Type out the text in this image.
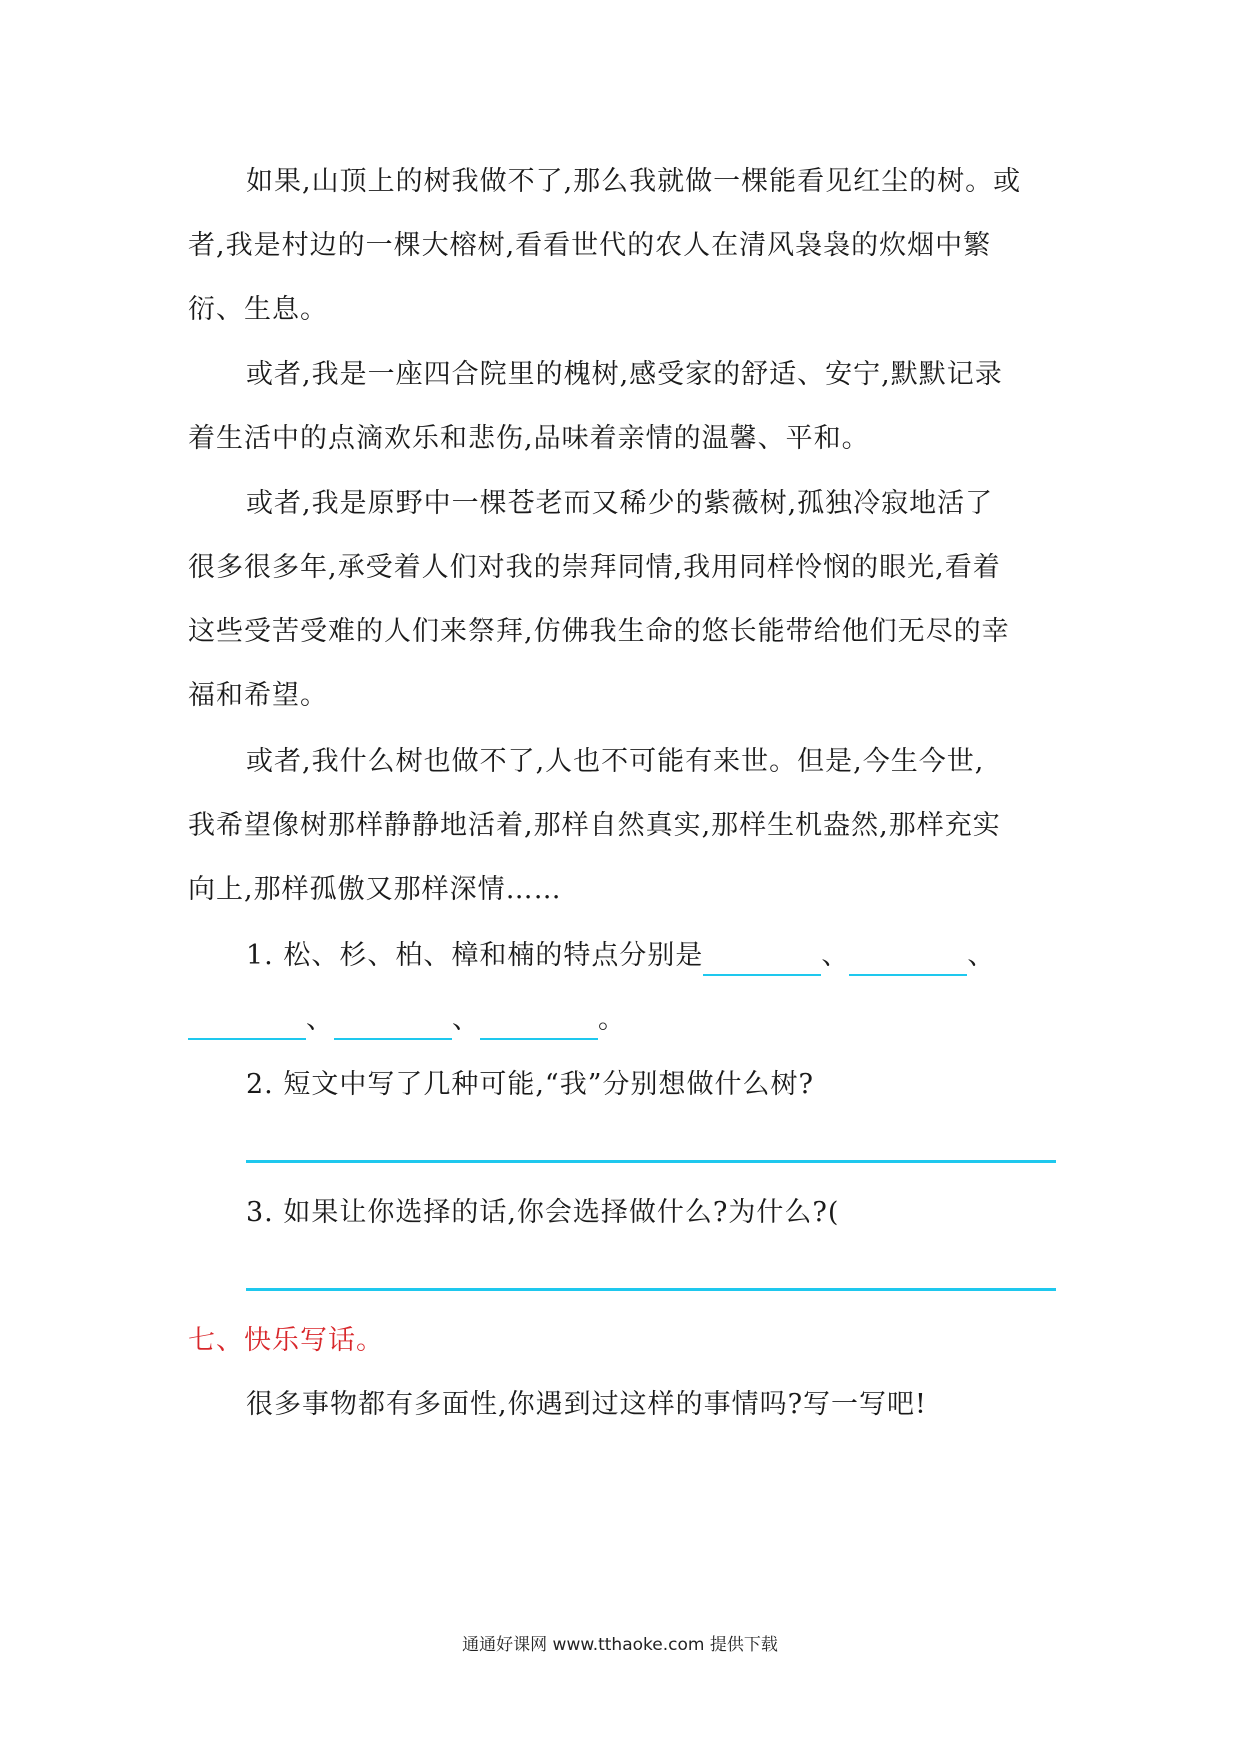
如果,山顶上的树我做不了,那么我就做一棵能看见红尘的树。或
者,我是村边的一棵大榕树,看看世代的农人在清风袅袅的炊烟中繁
衍、生息。
或者,我是一座四合院里的槐树,感受家的舒适、安宁,默默记录
着生活中的点滴欢乐和悲伤,品味着亲情的温馨、平和。
或者,我是原野中一棵苍老而又稀少的紫薇树,孤独冷寂地活了
很多很多年,承受着人们对我的崇拜同情,我用同样怜悯的眼光,看着
这些受苦受难的人们来祭拜,仿佛我生命的悠长能带给他们无尽的幸
福和希望。
或者,我什么树也做不了,人也不可能有来世。但是,今生今世,
我希望像树那样静静地活着,那样自然真实,那样生机盎然,那样充实
向上,那样孤傲又那样深情……
1. 松、杉、柏、樟和楠的特点分别是	、	、
、	、	。
2. 短文中写了几种可能,“我”分别想做什么树?
3. 如果让你选择的话,你会选择做什么?为什么?(
七、快乐写话。
很多事物都有多面性,你遇到过这样的事情吗?写一写吧!
通通好课网 www.tthaoke.com 提供下载
